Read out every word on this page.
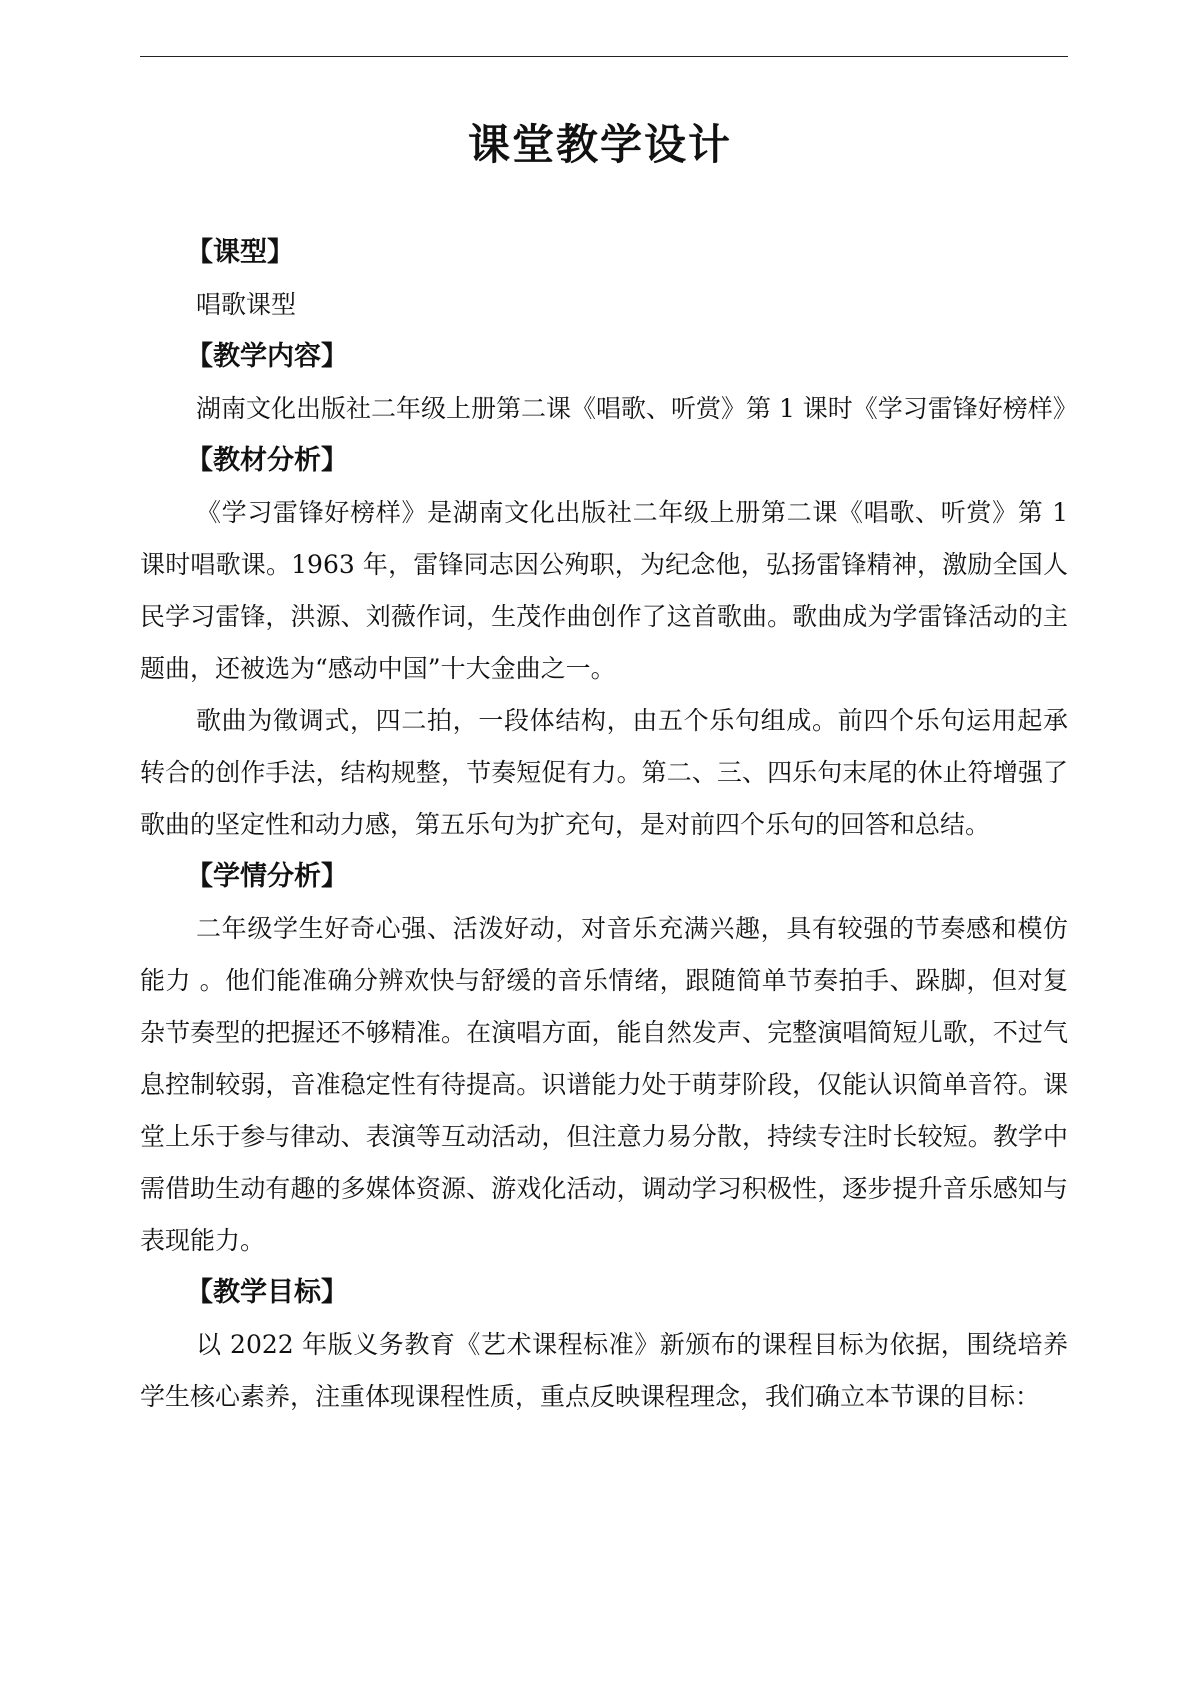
课堂教学设计
【课型】

唱歌课型

【教学内容】

湖南文化出版社二年级上册第二课《唱歌、听赏》第 1 课时《学习雷锋好榜样》

【教材分析】

《学习雷锋好榜样》是湖南文化出版社二年级上册第二课《唱歌、听赏》第 1 课时唱歌课。1963 年，雷锋同志因公殉职，为纪念他，弘扬雷锋精神，激励全国人民学习雷锋，洪源、刘薇作词，生茂作曲创作了这首歌曲。歌曲成为学雷锋活动的主题曲，还被选为“感动中国”十大金曲之一。

歌曲为徵调式，四二拍，一段体结构，由五个乐句组成。前四个乐句运用起承转合的创作手法，结构规整，节奏短促有力。第二、三、四乐句末尾的休止符增强了歌曲的坚定性和动力感，第五乐句为扩充句，是对前四个乐句的回答和总结。

【学情分析】

二年级学生好奇心强、活泼好动，对音乐充满兴趣，具有较强的节奏感和模仿能力 。他们能准确分辨欢快与舒缓的音乐情绪，跟随简单节奏拍手、跺脚，但对复杂节奏型的把握还不够精准。在演唱方面，能自然发声、完整演唱简短儿歌，不过气息控制较弱，音准稳定性有待提高。识谱能力处于萌芽阶段，仅能认识简单音符。课堂上乐于参与律动、表演等互动活动，但注意力易分散，持续专注时长较短。教学中需借助生动有趣的多媒体资源、游戏化活动，调动学习积极性，逐步提升音乐感知与表现能力。

【教学目标】

以 2022 年版义务教育《艺术课程标准》新颁布的课程目标为依据，围绕培养学生核心素养，注重体现课程性质，重点反映课程理念，我们确立本节课的目标：
